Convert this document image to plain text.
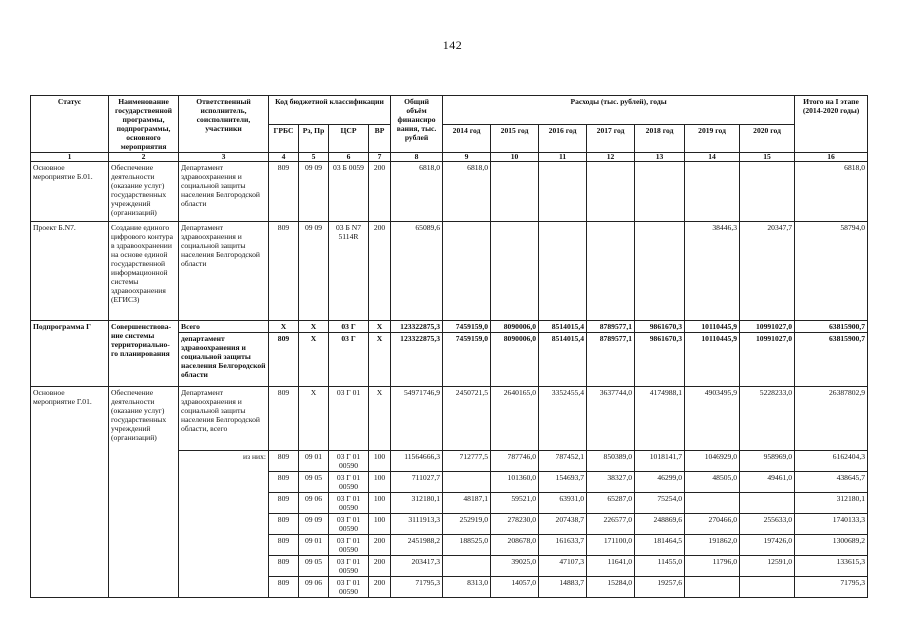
142
Статус	Наименование государственной программы, подпрограммы, основного мероприятия	Ответственный исполнитель, соисполнители, участники	Код бюджетной классификации				Общий объём финансиро вания, тыс. рублей	Расходы (тыс. рублей), годы							Итого на I этапе (2014-2020 годы)
			ГРБС	Рз, Пр	ЦСР	ВР		2014 год	2015 год	2016 год	2017 год	2018 год	2019 год	2020 год	
1	2	3	4	5	6	7	8	9	10	11	12	13	14	15	16
Основное мероприятие Б.01.	Обеспечение деятельности (оказание услуг) государственных учреждений (организаций)	Департамент здравоохранения и социальной защиты населения Белгородской области	809	09 09	03 Б 0059	200	6818,0	6818,0							6818,0
Проект Б.N7.	Создание единого цифрового контура в здравоохранении на основе единой государственной информационной системы здравоохранения (ЕГИСЗ)	Департамент здравоохранения и социальной защиты населения Белгородской области	809	09 09	03 Б N7 5114R	200	65089,6						38446,3	20347,7	58794,0
Подпрограмма Г	Совершенствова-ние системы территориально-го планирования	Всего	Х	Х	03 Г	Х	123322875,3	7459159,0	8090006,0	8514015,4	8789577,1	9861670,3	10110445,9	10991027,0	63815900,7
		департамент здравоохранения и социальной защиты населения Белгородской области	809	Х	03 Г	Х	123322875,3	7459159,0	8090006,0	8514015,4	8789577,1	9861670,3	10110445,9	10991027,0	63815900,7
Основное мероприятие Г.01.	Обеспечение деятельности (оказание услуг) государственных учреждений (организаций)	Департамент здравоохранения и социальной защиты населения Белгородской области, всего	809	Х	03 Г 01	Х	54971746,9	2450721,5	2640165,0	3352455,4	3637744,0	4174988,1	4903495,9	5228233,0	26387802,9
		из них:	809	09 01	03 Г 01 00590	100	11564666,3	712777,5	787746,0	787452,1	850389,0	1018141,7	1046929,0	958969,0	6162404,3
			809	09 05	03 Г 01 00590	100	711027,7		101360,0	154693,7	38327,0	46299,0	48505,0	49461,0	438645,7
			809	09 06	03 Г 01 00590	100	312180,1	48187,1	59521,0	63931,0	65287,0	75254,0			312180,1
			809	09 09	03 Г 01 00590	100	3111913,3	252919,0	278230,0	207438,7	226577,0	248869,6	270466,0	255633,0	1740133,3
			809	09 01	03 Г 01 00590	200	2451988,2	188525,0	208678,0	161633,7	171100,0	181464,5	191862,0	197426,0	1300689,2
			809	09 05	03 Г 01 00590	200	203417,3		39025,0	47107,3	11641,0	11455,0	11796,0	12591,0	133615,3
			809	09 06	03 Г 01 00590	200	71795,3	8313,0	14057,0	14883,7	15284,0	19257,6			71795,3
